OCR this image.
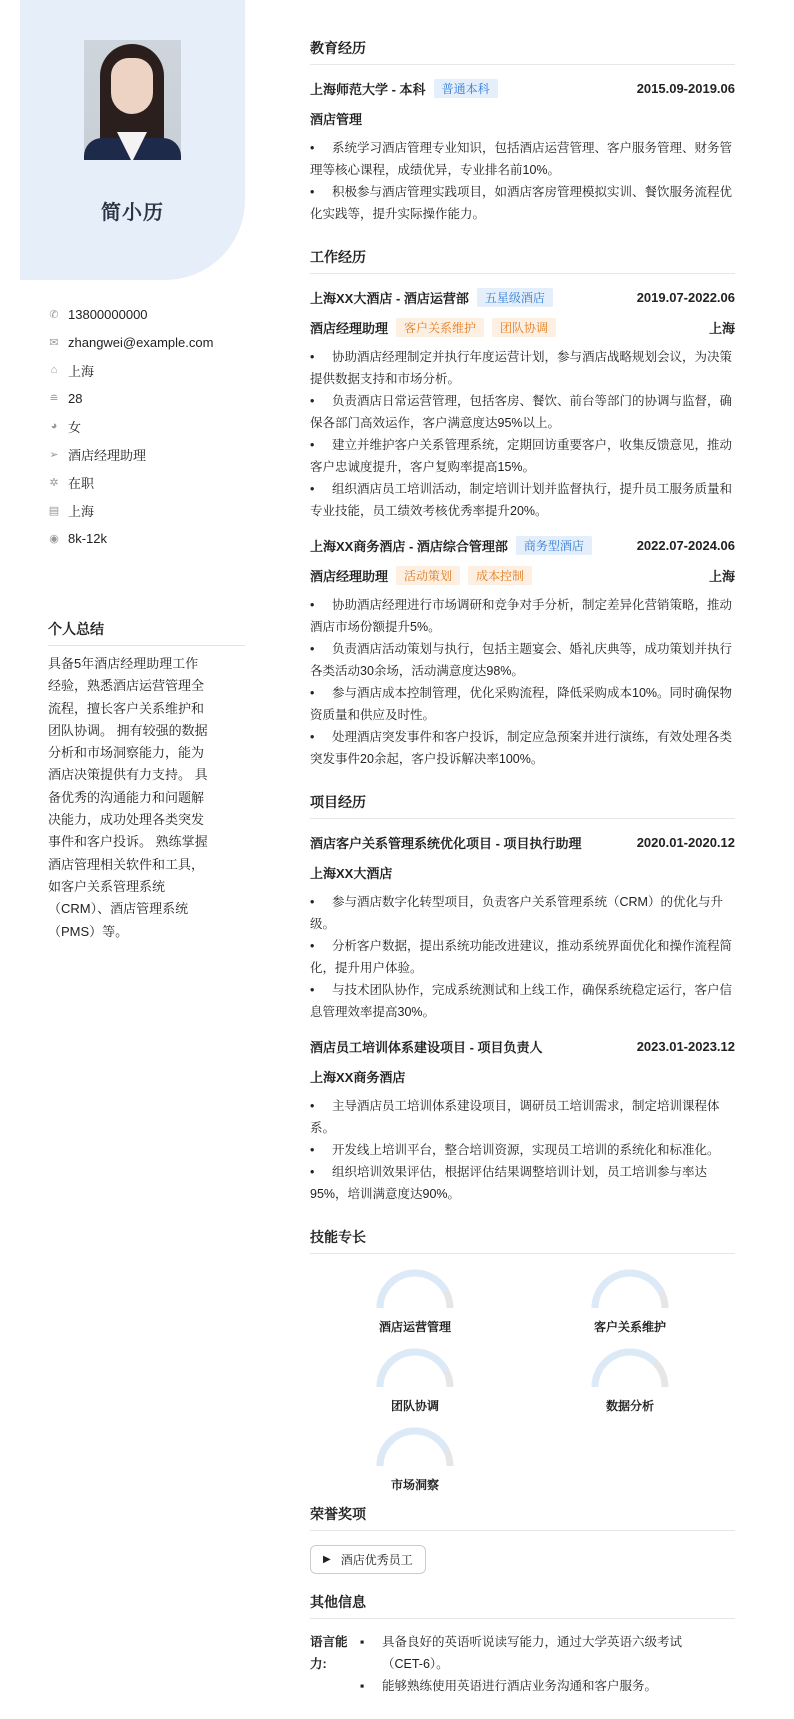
简小历
✆ 13800000000
✉ zhangwei@example.com
⌂ 上海
≘ 28
◕ 女
➢ 酒店经理助理
✲ 在职
▤ 上海
◉ 8k-12k
个人总结
具备5年酒店经理助理工作经验，熟悉酒店运营管理全流程，擅长客户关系维护和团队协调。 拥有较强的数据分析和市场洞察能力，能为酒店决策提供有力支持。 具备优秀的沟通能力和问题解决能力，成功处理各类突发事件和客户投诉。 熟练掌握酒店管理相关软件和工具，如客户关系管理系统（CRM）、酒店管理系统（PMS）等。
教育经历
上海师范大学 - 本科	普通本科	2015.09-2019.06
酒店管理
• 系统学习酒店管理专业知识，包括酒店运营管理、客户服务管理、财务管理等核心课程，成绩优异，专业排名前10%。
• 积极参与酒店管理实践项目，如酒店客房管理模拟实训、餐饮服务流程优化实践等，提升实际操作能力。
工作经历
上海XX大酒店 - 酒店运营部	五星级酒店	2019.07-2022.06
酒店经理助理	客户关系维护	团队协调	上海
• 协助酒店经理制定并执行年度运营计划，参与酒店战略规划会议，为决策提供数据支持和市场分析。
• 负责酒店日常运营管理，包括客房、餐饮、前台等部门的协调与监督，确保各部门高效运作，客户满意度达95%以上。
• 建立并维护客户关系管理系统，定期回访重要客户，收集反馈意见，推动客户忠诚度提升，客户复购率提高15%。
• 组织酒店员工培训活动，制定培训计划并监督执行，提升员工服务质量和专业技能，员工绩效考核优秀率提升20%。
上海XX商务酒店 - 酒店综合管理部	商务型酒店	2022.07-2024.06
酒店经理助理	活动策划	成本控制	上海
• 协助酒店经理进行市场调研和竞争对手分析，制定差异化营销策略，推动酒店市场份额提升5%。
• 负责酒店活动策划与执行，包括主题宴会、婚礼庆典等，成功策划并执行各类活动30余场，活动满意度达98%。
• 参与酒店成本控制管理，优化采购流程，降低采购成本10%。同时确保物资质量和供应及时性。
• 处理酒店突发事件和客户投诉，制定应急预案并进行演练，有效处理各类突发事件20余起，客户投诉解决率100%。
项目经历
酒店客户关系管理系统优化项目 - 项目执行助理	2020.01-2020.12
上海XX大酒店
• 参与酒店数字化转型项目，负责客户关系管理系统（CRM）的优化与升级。
• 分析客户数据，提出系统功能改进建议，推动系统界面优化和操作流程简化，提升用户体验。
• 与技术团队协作，完成系统测试和上线工作，确保系统稳定运行，客户信息管理效率提高30%。
酒店员工培训体系建设项目 - 项目负责人	2023.01-2023.12
上海XX商务酒店
• 主导酒店员工培训体系建设项目，调研员工培训需求，制定培训课程体系。
• 开发线上培训平台，整合培训资源，实现员工培训的系统化和标准化。
• 组织培训效果评估，根据评估结果调整培训计划，员工培训参与率达95%，培训满意度达90%。
技能专长
酒店运营管理	客户关系维护
团队协调	数据分析
市场洞察
荣誉奖项
▶ 酒店优秀员工
其他信息
语言能力:
▪ 具备良好的英语听说读写能力，通过大学英语六级考试（CET-6）。
▪ 能够熟练使用英语进行酒店业务沟通和客户服务。
